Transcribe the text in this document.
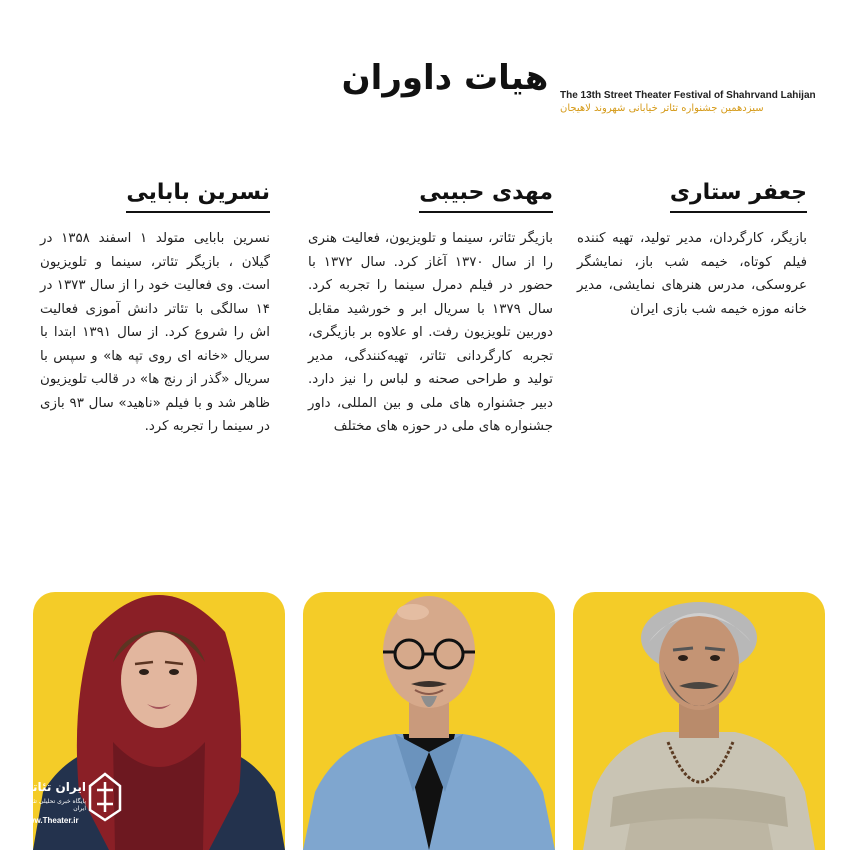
هیات داوران	The 13th Street Theater Festival of Shahrvand Lahijan
سیزدهمین جشنواره تئاتر خیابانی شهروند لاهیجان
جعفر ستاری
بازیگر، کارگردان، مدیر تولید، تهیه کننده فیلم کوتاه، خیمه شب باز، نمایشگر عروسکی، مدرس هنرهای نمایشی، مدیر خانه موزه خیمه شب بازی ایران
مهدی حبیبی
بازیگر تئاتر، سینما و تلویزیون، فعالیت هنری را از سال ۱۳۷۰ آغاز کرد. سال ۱۳۷۲ با حضور در فیلم دمرل سینما را تجربه کرد. سال ۱۳۷۹ با سریال ابر و خورشید مقابل دوربین تلویزیون رفت. او علاوه بر بازیگری، تجربه کارگردانی تئاتر، تهیه‌کنندگی، مدیر تولید و طراحی صحنه و لباس را نیز دارد. دبیر جشنواره های ملی و بین المللی، داور جشنواره های ملی در حوزه های مختلف
نسرین بابایی
نسرین بابایی متولد ۱ اسفند ۱۳۵۸ در گیلان ، بازیگر تئاتر، سینما و تلویزیون است. وی فعالیت خود را از سال ۱۳۷۳ در ۱۴ سالگی با تئاتر دانش آموزی فعالیت اش را شروع کرد. از سال ۱۳۹۱ ابتدا با سریال «خانه ای روی تپه ها» و سپس با سریال «گذر از رنج ها» در قالب تلویزیون ظاهر شد و با فیلم «ناهید» سال ۹۳ بازی در سینما را تجربه کرد.
ایران تئاتر
پایگاه خبری تحلیلی تئاتر ایران
www.Theater.ir
